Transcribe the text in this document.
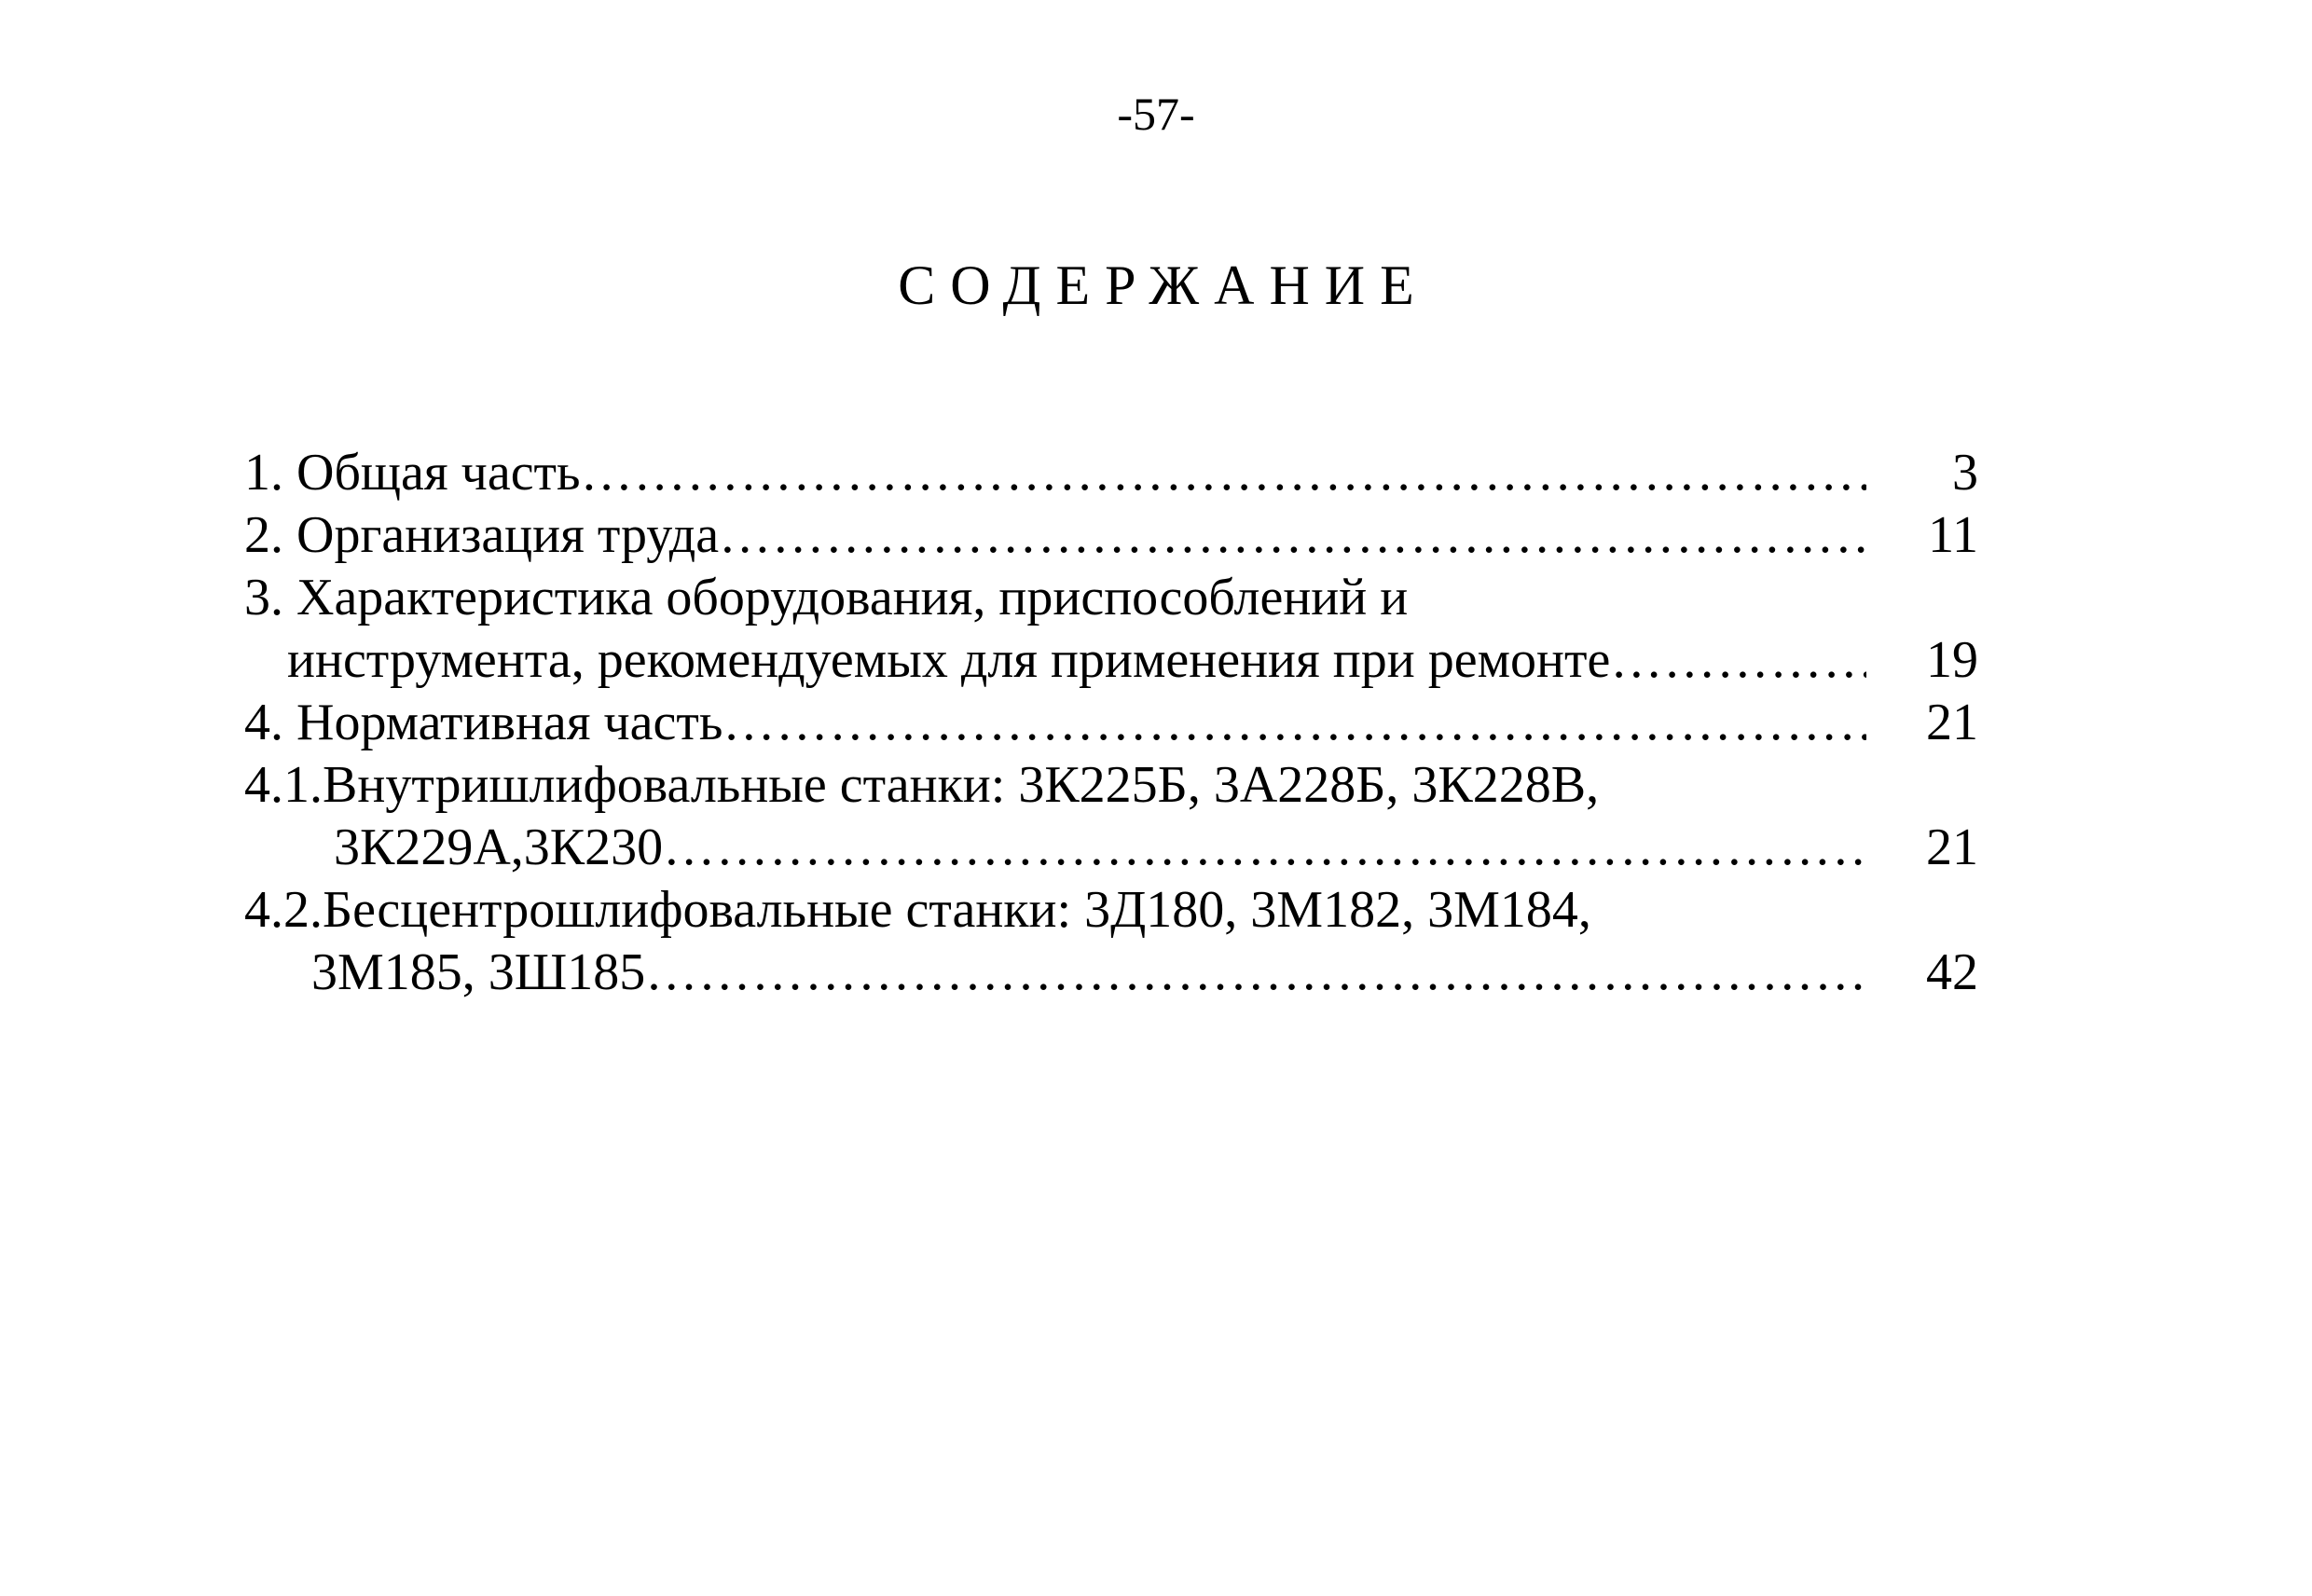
-57-
СОДЕРЖАНИЕ
1. Общая часть …………………………………………………………………………………………………………………………………………………………………………………………………………………	3
2. Организация труда …………………………………………………………………………………………………………………………………………………………………………………………………………………	11
3. Характеристика оборудования, приспособлений и
инструмента, рекомендуемых для применения при ремонте …………………………………………………………………………………………………………………………………………………………………………………………………………………	19
4. Нормативная часть …………………………………………………………………………………………………………………………………………………………………………………………………………………	21
4.1.Внутришлифовальные станки: 3К225Б, 3А228Б, 3К228В,
3К229А,3К230 …………………………………………………………………………………………………………………………………………………………………………………………………………………	21
4.2.Бесцентрошлифовальные станки: 3Д180, 3М182, 3М184,
3М185, 3Ш185 …………………………………………………………………………………………………………………………………………………………………………………………………………………	42
